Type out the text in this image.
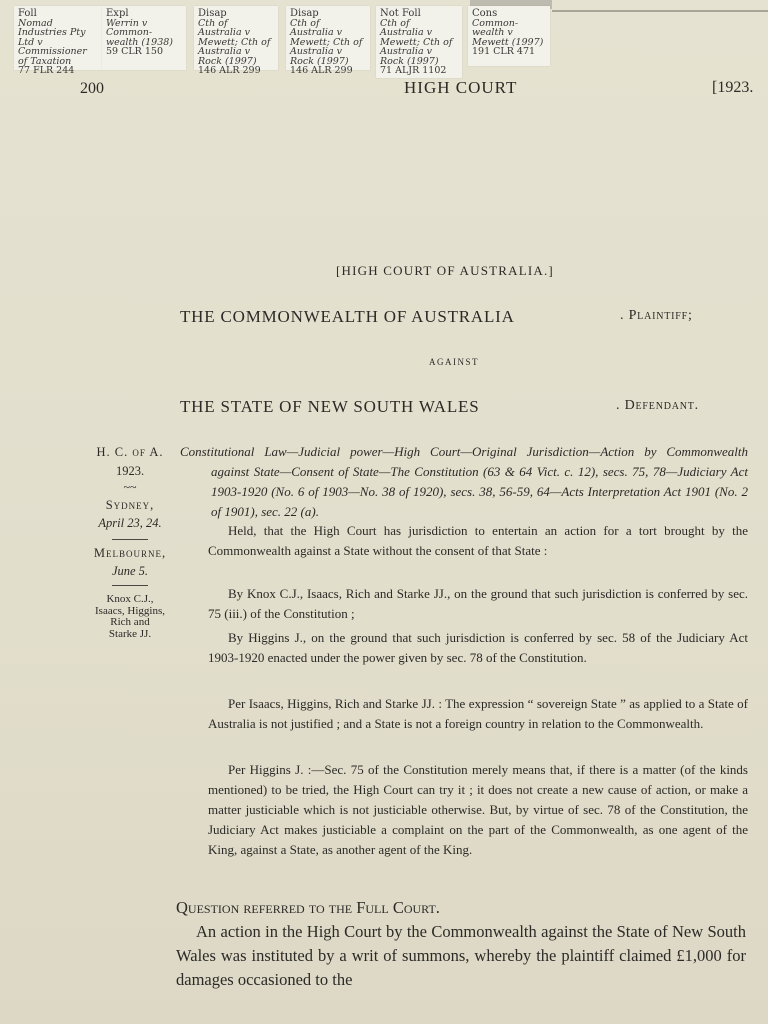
Foll
Nomad
Industries Pty
Ltd v
Commissioner
of Taxation
77 FLR 244
Expl
Werrin v
Common-
wealth (1938)
59 CLR 150
Disap
Cth of
Australia v
Mewett; Cth of
Australia v
Rock (1997)
146 ALR 299
Disap
Cth of
Australia v
Mewett; Cth of
Australia v
Rock (1997)
146 ALR 299
Not Foll
Cth of
Australia v
Mewett; Cth of
Australia v
Rock (1997)
71 ALJR 1102
Cons
Common-
wealth v
Mewett (1997)
191 CLR 471
200	HIGH COURT	[1923.
[HIGH COURT OF AUSTRALIA.]
THE COMMONWEALTH OF AUSTRALIA	. Plaintiff;
AGAINST
THE STATE OF NEW SOUTH WALES	. Defendant.
H. C. of A.
1923.
~~
Sydney,
April 23, 24.
Melbourne,
June 5.
Knox C.J.,
Isaacs, Higgins,
Rich and
Starke JJ.
Constitutional Law—Judicial power—High Court—Original Jurisdiction—Action by Commonwealth against State—Consent of State—The Constitution (63 & 64 Vict. c. 12), secs. 75, 78—Judiciary Act 1903-1920 (No. 6 of 1903—No. 38 of 1920), secs. 38, 56-59, 64—Acts Interpretation Act 1901 (No. 2 of 1901), sec. 22 (a).
Held, that the High Court has jurisdiction to entertain an action for a tort brought by the Commonwealth against a State without the consent of that State :
By Knox C.J., Isaacs, Rich and Starke JJ., on the ground that such jurisdiction is conferred by sec. 75 (iii.) of the Constitution ;
By Higgins J., on the ground that such jurisdiction is conferred by sec. 58 of the Judiciary Act 1903-1920 enacted under the power given by sec. 78 of the Constitution.
Per Isaacs, Higgins, Rich and Starke JJ. : The expression “ sovereign State ” as applied to a State of Australia is not justified ; and a State is not a foreign country in relation to the Commonwealth.
Per Higgins J. :—Sec. 75 of the Constitution merely means that, if there is a matter (of the kinds mentioned) to be tried, the High Court can try it ; it does not create a new cause of action, or make a matter justiciable which is not justiciable otherwise. But, by virtue of sec. 78 of the Constitution, the Judiciary Act makes justiciable a complaint on the part of the Commonwealth, as one agent of the King, against a State, as another agent of the King.
Question referred to the Full Court.
An action in the High Court by the Commonwealth against the State of New South Wales was instituted by a writ of summons, whereby the plaintiff claimed £1,000 for damages occasioned to the
